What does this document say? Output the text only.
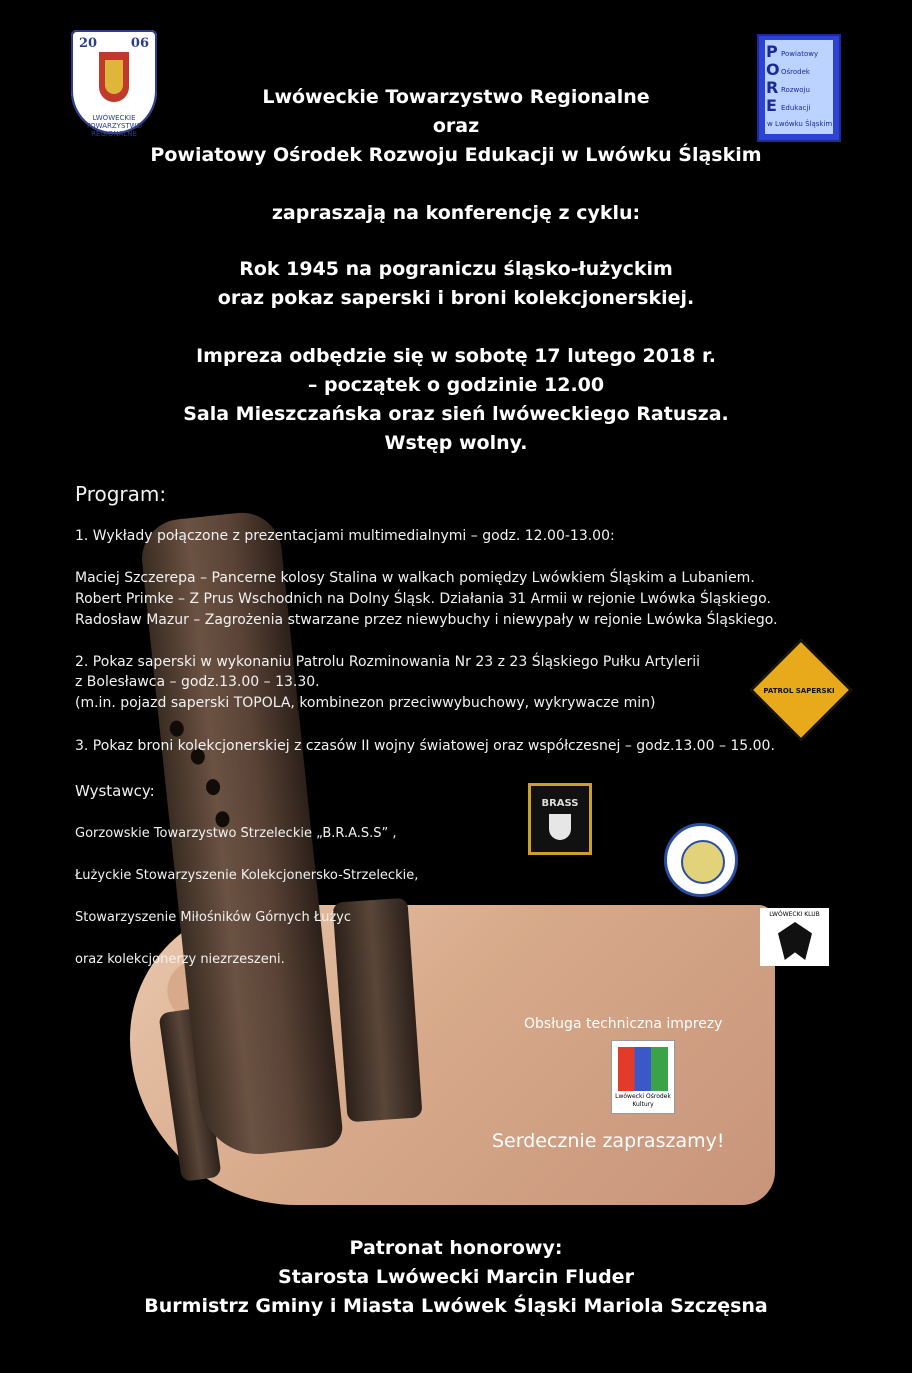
20	06
LWÓWECKIE TOWARZYSTWO REGIONALNE
P
O
R
E
Powiatowy
Ośrodek
Rozwoju
Edukacji
w Lwówku Śląskim
Lwóweckie Towarzystwo Regionalne
oraz
Powiatowy Ośrodek Rozwoju Edukacji w Lwówku Śląskim
zapraszają na konferencję z cyklu:
Rok 1945 na pograniczu śląsko-łużyckim
oraz pokaz saperski i broni kolekcjonerskiej.
Impreza odbędzie się w sobotę 17 lutego 2018 r.
– początek o godzinie 12.00
Sala Mieszczańska oraz sień lwóweckiego Ratusza.
Wstęp wolny.
Program:
1. Wykłady połączone z prezentacjami multimedialnymi – godz. 12.00-13.00:
Maciej Szczerepa – Pancerne kolosy Stalina w walkach pomiędzy Lwówkiem Śląskim a Lubaniem.
Robert Primke – Z Prus Wschodnich na Dolny Śląsk. Działania 31 Armii w rejonie Lwówka Śląskiego.
Radosław Mazur – Zagrożenia stwarzane przez niewybuchy i niewypały w rejonie Lwówka Śląskiego.
2. Pokaz saperski w wykonaniu Patrolu Rozminowania Nr 23 z 23 Śląskiego Pułku Artylerii
z Bolesławca – godz.13.00 – 13.30.
(m.in. pojazd saperski TOPOLA, kombinezon przeciwwybuchowy, wykrywacze min)
3. Pokaz broni kolekcjonerskiej z czasów II wojny światowej oraz współczesnej – godz.13.00 – 15.00.
Wystawcy:
Gorzowskie Towarzystwo Strzeleckie „B.R.A.S.S” ,
Łużyckie Stowarzyszenie Kolekcjonersko-Strzeleckie,
Stowarzyszenie Miłośników Górnych Łużyc
oraz kolekcjonerzy niezrzeszeni.
PATROL SAPERSKI
BRASS
LWÓWECKI KLUB
Obsługa techniczna imprezy
Lwówecki Ośrodek
Kultury
Serdecznie zapraszamy!
Patronat honorowy:
Starosta Lwówecki Marcin Fluder
Burmistrz Gminy i Miasta Lwówek Śląski Mariola Szczęsna
